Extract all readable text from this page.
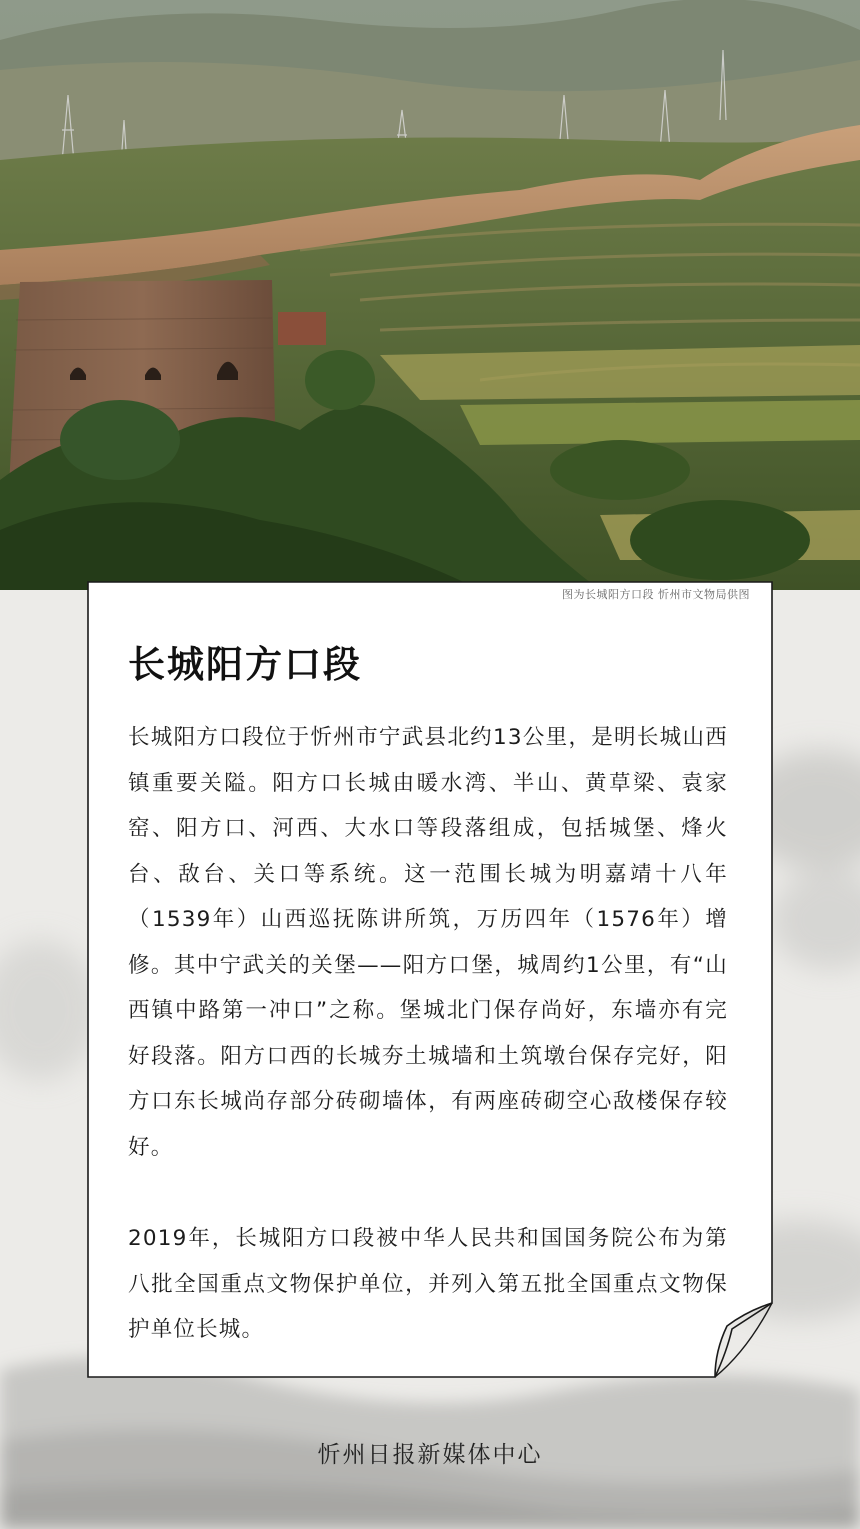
图为长城阳方口段 忻州市文物局供图
长城阳方口段

长城阳方口段位于忻州市宁武县北约13公里，是明长城山西镇重要关隘。阳方口长城由暖水湾、半山、黄草梁、袁家窑、阳方口、河西、大水口等段落组成，包括城堡、烽火台、敌台、关口等系统。这一范围长城为明嘉靖十八年（1539年）山西巡抚陈讲所筑，万历四年（1576年）增修。其中宁武关的关堡——阳方口堡，城周约1公里，有“山西镇中路第一冲口”之称。堡城北门保存尚好，东墙亦有完好段落。阳方口西的长城夯土城墙和土筑墩台保存完好，阳方口东长城尚存部分砖砌墙体，有两座砖砌空心敌楼保存较好。

2019年，长城阳方口段被中华人民共和国国务院公布为第八批全国重点文物保护单位，并列入第五批全国重点文物保护单位长城。

忻州日报新媒体中心
